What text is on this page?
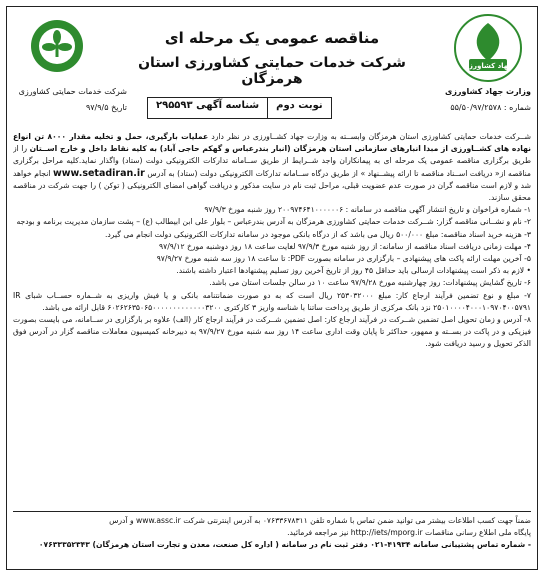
جهاد کشاورزی
وزارت جهاد کشاورزی
شماره : ۵۵/۵۰/۹۷/۲۵۷۸
شرکت خدمات حمایتی کشاورزی
تاریخ ۹۷/۹/۵
مناقصه عمومی یک مرحله ای
شرکت خدمات حمایتی کشاورزی استان هرمزگان
نوبت دوم
شناسه آگهی ۲۹۵۵۹۳

شــرکت خدمات حمایتی کشاورزی استان هرمزگان وابســته به وزارت جهاد کشــاورزی در نظر دارد عملیات بارگیری، حمل و تخلیه مقدار ۸۰۰۰ تن انواع نهاده های کشــاورزی از مبدا انبارهای سازمانی استان هرمزگان (انبار بندرعباس و گهکم حاجی آباد) به کلیه نقاط داخل و خارج اســتان را از طریق برگزاری مناقصه عمومی یک مرحله ای به پیمانکاران واجد شــرایط از طریق ســامانه تدارکات الکترونیکی دولت (ستاد) واگذار نماید.کلیه مراحل برگزاری مناقصه از« دریافت اســناد مناقصه تا ارائه پیشــنهاد » از طریق درگاه ســامانه تدارکات الکترونیکی دولت (ستاد) به آدرس www.setadiran.ir انجام خواهد شد و لازم است مناقصه گران در صورت عدم عضویت قبلی، مراحل ثبت نام در سایت مذکور و دریافت گواهی امضای الکترونیکی ( توکن ) را جهت شرکت در مناقصه محقق سازند.

۱- شماره فراخوان و تاریخ انتشار آگهی مناقصه در سامانه : ۲۰۰۹۷۴۶۴۱۰۰۰۰۰۰۶ روز شنبه مورخ ۹۷/۹/۳

۲- نام و نشــانی مناقصه گزار: شــرکت خدمات حمایتی کشاورزی هرمزگان به آدرس بندرعباس – بلوار علی ابن ابیطالب (ع) – پشت سازمان مدیریت برنامه و بودجه

۳- هزینه خرید اسناد مناقصه: مبلغ ۵۰۰/۰۰۰ ریال می باشد که از درگاه بانکی موجود در سامانه تدارکات الکترونیکی دولت انجام می گیرد.

۴- مهلت زمانی دریافت اسناد مناقصه از سامانه: از روز شنبه مورخ ۹۷/۹/۳ لغایت ساعت ۱۸ روز دوشنبه مورخ ۹۷/۹/۱۲

۵- آخرین مهلت ارائه پاکت های پیشنهادی – بارگزاری در سامانه بصورت PDF: تا ساعت ۱۸ روز سه شنبه مورخ ۹۷/۹/۲۷

• لازم به ذکر است پیشنهادات ارسالی باید حداقل ۴۵ روز از تاریخ آخرین روز تسلیم پیشنهادها اعتبار داشته باشند.

۶- تاریخ گشایش پیشنهادات: روز چهارشنبه مورخ ۹۷/۹/۲۸ ساعت ۱۰ در سالن جلسات استان می باشد.

۷- مبلغ و نوع تضمین فرآیند ارجاع کار: مبلغ ۲۵۳۰۳۲۰۰۰ ریال است که به دو صورت ضمانتنامه بانکی و یا فیش واریزی به شــماره حســاب شبای IR ۲۵۰۱۰۰۰۰۴۰۰۰۱۰۹۷۰۴۰۰۵۷۹۱ نزد بانک مرکزی از طریق پرداخت ساتنا با شناسه واریز ۳ کارکتری ۶۰۲۶۲۶۳۵۰۶۵۰۰۰۰۰۰۰۰۰۰۰۰۰۳۲۰۰ قابل ارائه می باشد.

۸- آدرس و زمان تحویل اصل تضمین شــرکت در فرآیند ارجاع کار: اصل تضمین شــرکت در فرآیند ارجاع کار (الف) علاوه بر بارگزاری در ســامانه، می بایست بصورت فیزیکی و در پاکت در بســته و ممهور، حداکثر تا پایان وقت اداری ساعت ۱۴ روز سه شنبه مورخ ۹۷/۹/۲۷ به دبیرخانه کمیسیون معاملات مناقصه گزار در آدرس فوق الذکر تحویل و رسید دریافت شود.

ضمناً جهت کسب اطلاعات بیشتر می توانید ضمن تماس با شماره تلفن ۰۷۶۳۳۶۷۸۳۱۱ به آدرس اینترنتی شرکت www.assc.ir و آدرس

پایگاه ملی اطلاع رسانی مناقصات http://iets/mporg.ir نیز مراجعه فرمائید.

- شماره تماس پشتیبانی سامانه ۴۱۹۳۴-۰۲۱ دفتر ثبت نام در سامانه ( اداره کل صنعت، معدن و تجارت استان هرمزگان) ۰۷۶۳۳۳۵۲۳۴۳
